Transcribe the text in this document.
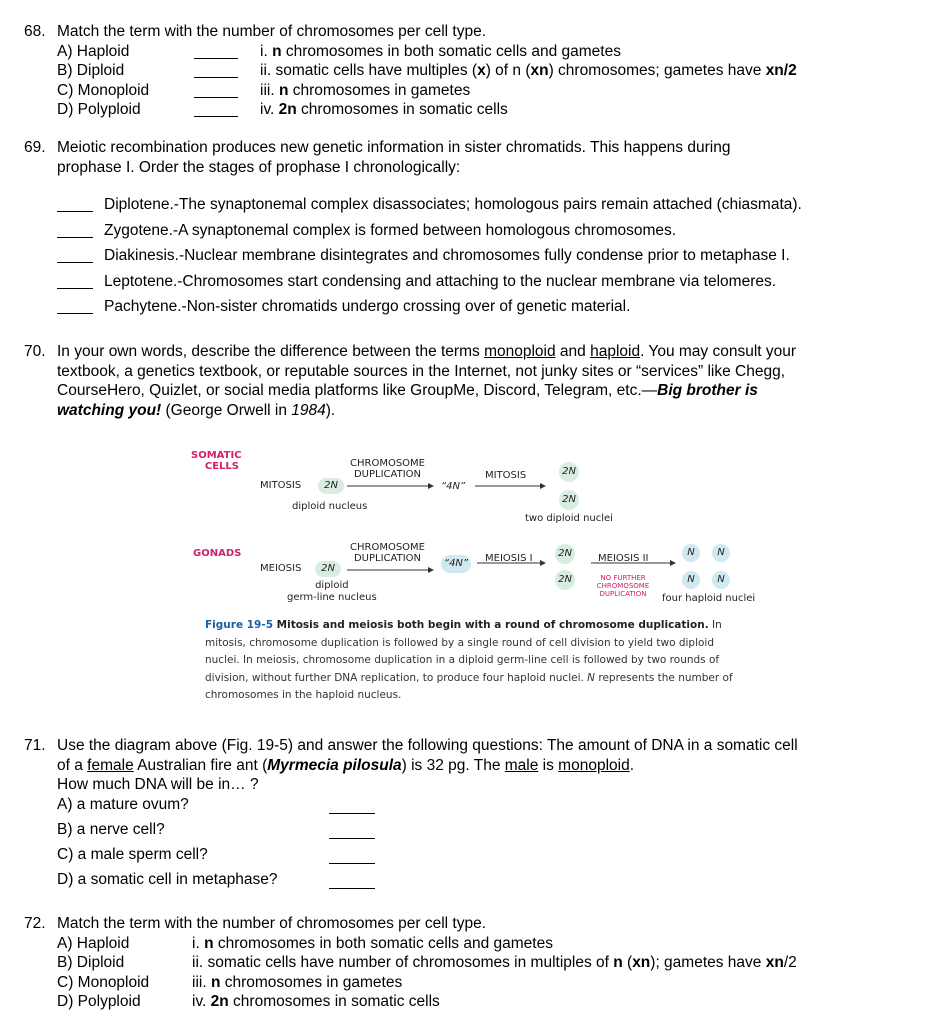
68. Match the term with the number of chromosomes per cell type.
A) Haploid	i. n chromosomes in both somatic cells and gametes
B) Diploid	ii. somatic cells have multiples (x) of n (xn) chromosomes; gametes have xn/2
C) Monoploid	iii. n chromosomes in gametes
D) Polyploid	iv. 2n chromosomes in somatic cells
69. Meiotic recombination produces new genetic information in sister chromatids. This happens during
prophase I. Order the stages of prophase I chronologically:
Diplotene.-The synaptonemal complex disassociates; homologous pairs remain attached (chiasmata).
Zygotene.-A synaptonemal complex is formed between homologous chromosomes.
Diakinesis.-Nuclear membrane disintegrates and chromosomes fully condense prior to metaphase I.
Leptotene.-Chromosomes start condensing and attaching to the nuclear membrane via telomeres.
Pachytene.-Non-sister chromatids undergo crossing over of genetic material.
70. In your own words, describe the difference between the terms monoploid and haploid. You may consult your
textbook, a genetics textbook, or reputable sources in the Internet, not junky sites or “services” like Chegg,
CourseHero, Quizlet, or social media platforms like GroupMe, Discord, Telegram, etc.—Big brother is
watching you! (George Orwell in 1984).
SOMATIC
CELLS
GONADS
MITOSIS	2N
CHROMOSOME
DUPLICATION
“4N”
MITOSIS	2N
2N
diploid nucleus
two diploid nuclei
MEIOSIS	2N
CHROMOSOME
DUPLICATION	“4N” MEIOSIS I	2N
2N
MEIOSIS II
NO FURTHER
CHROMOSOME
DUPLICATION
N	N
N	N
diploid
germ-line nucleus	four haploid nuclei
Figure 19-5 Mitosis and meiosis both begin with a round of chromosome duplication. In mitosis, chromosome duplication is followed by a single round of cell division to yield two diploid nuclei. In meiosis, chromosome duplication in a diploid germ-line cell is followed by two rounds of division, without further DNA replication, to produce four haploid nuclei. N represents the number of chromosomes in the haploid nucleus.
71. Use the diagram above (Fig. 19-5) and answer the following questions: The amount of DNA in a somatic cell
of a female Australian fire ant (Myrmecia pilosula) is 32 pg. The male is monoploid.
How much DNA will be in… ?
A) a mature ovum?
B) a nerve cell?
C) a male sperm cell?
D) a somatic cell in metaphase?
72. Match the term with the number of chromosomes per cell type.
A) Haploid	i. n chromosomes in both somatic cells and gametes
B) Diploid	ii. somatic cells have number of chromosomes in multiples of n (xn); gametes have xn/2
C) Monoploid	iii. n chromosomes in gametes
D) Polyploid	iv. 2n chromosomes in somatic cells
